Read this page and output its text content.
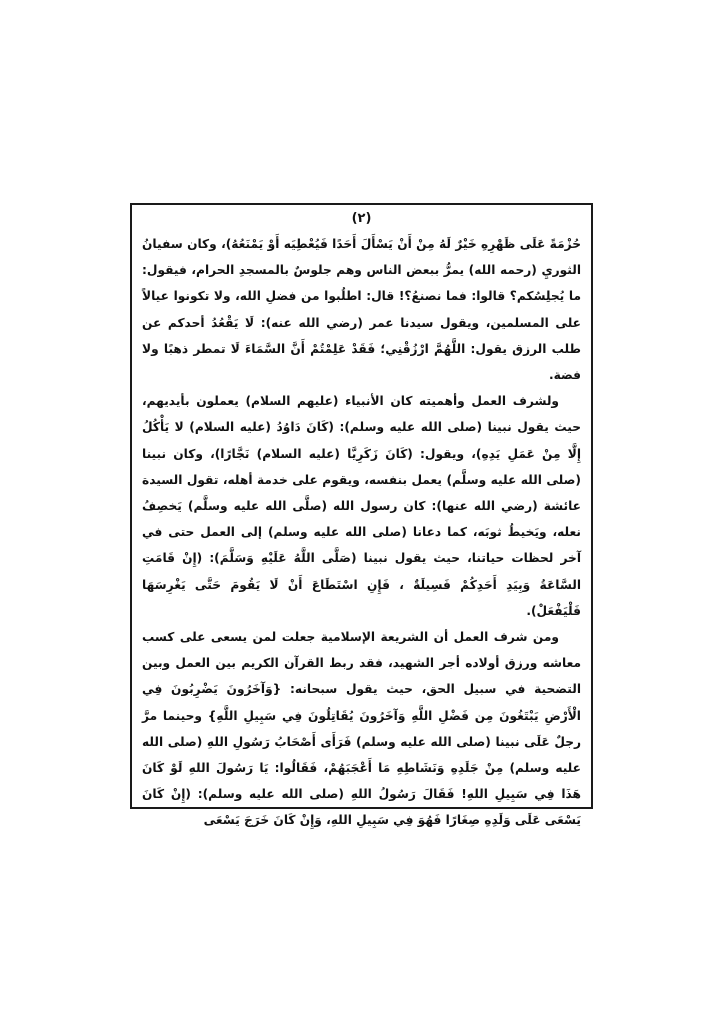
(٢)

حُزْمَةً عَلَى ظَهْرِهِ خَيْرٌ لَهُ مِنْ أَنْ يَسْأَلَ أَحَدًا فَيُعْطِيَه أَوْ يَمْنَعُهُ)، وكان سفيانُ الثوريِ (رحمه الله) يمرُّ ببعض الناس وهم جلوسٌ بالمسجدِ الحرام، فيقول: ما يُجلِسُكم؟ قالوا: فما نصنعُ؟! قال: اطلُبوا من فضلِ الله، ولا تكونوا عيالاً على المسلمين، ويقول سيدنا عمر (رضي الله عنه): لَا يَقْعُدُ أحدكم عن طلب الرزق يقول: اللَّهُمَّ ارْزُقْنِي؛ فَقَدْ عَلِمْتُمْ أَنَّ السَّمَاءَ لَا تمطر ذهبًا ولا فضة.

ولشرف العمل وأهميته كان الأنبياء (عليهم السلام) يعملون بأيديهم، حيث يقول نبينا (صلى الله عليه وسلم): (كَانَ دَاوُدُ (عليه السلام) لا يَأْكُلُ إِلَّا مِنْ عَمَلِ يَدِهِ)، ويقول: (كَانَ زَكَرِيَّا (عليه السلام) نَجَّارًا)، وكان نبينا (صلى الله عليه وسلَّم) يعمل بنفسه، ويقوم على خدمة أهله، تقول السيدة عائشة (رضي الله عنها): كان رسول الله (صلَّى الله عليه وسلَّم) يَخصِفُ نعله، ويَخيطُ ثوبَه، كما دعانا (صلى الله عليه وسلم) إلى العمل حتى في آخر لحظات حياتنا، حيث يقول نبينا (صَلَّى اللَّهُ عَلَيْهِ وَسَلَّمَ): (إِنْ قَامَتِ السَّاعَةُ وَبِيَدِ أَحَدِكُمْ فَسِيلَةٌ ، فَإِنِ اسْتَطَاعَ أَنْ لَا يَقُومَ حَتَّى يَغْرِسَهَا فَلْيَفْعَلْ).

ومن شرف العمل أن الشريعة الإسلامية جعلت لمن يسعى على كسب معاشه ورزق أولاده أجر الشهيد، فقد ربط القرآن الكريم بين العمل وبين التضحية في سبيل الحق، حيث يقول سبحانه: {وَآخَرُونَ يَضْرِبُونَ فِي الْأَرْضِ يَبْتَغُونَ مِن فَضْلِ اللَّهِ وَآخَرُونَ يُقَاتِلُونَ فِي سَبِيلِ اللَّهِ} وحينما مرَّ رجلٌ عَلَى نبينا (صلى الله عليه وسلم) فَرَأَى أَصْحَابُ رَسُولِ اللهِ (صلى الله عليه وسلم) مِنْ جَلَدِهِ وَنَشَاطِهِ مَا أَعْجَبَهُمْ، فَقَالُوا: يَا رَسُولَ اللهِ لَوْ كَانَ هَذَا فِي سَبِيلِ اللهِ! فَقَالَ رَسُولُ اللهِ (صلى الله عليه وسلم): (إِنْ كَانَ يَسْعَى عَلَى وَلَدِهِ صِغَارًا فَهُوَ فِي سَبِيلِ اللهِ، وَإِنْ كَانَ خَرَجَ يَسْعَى
